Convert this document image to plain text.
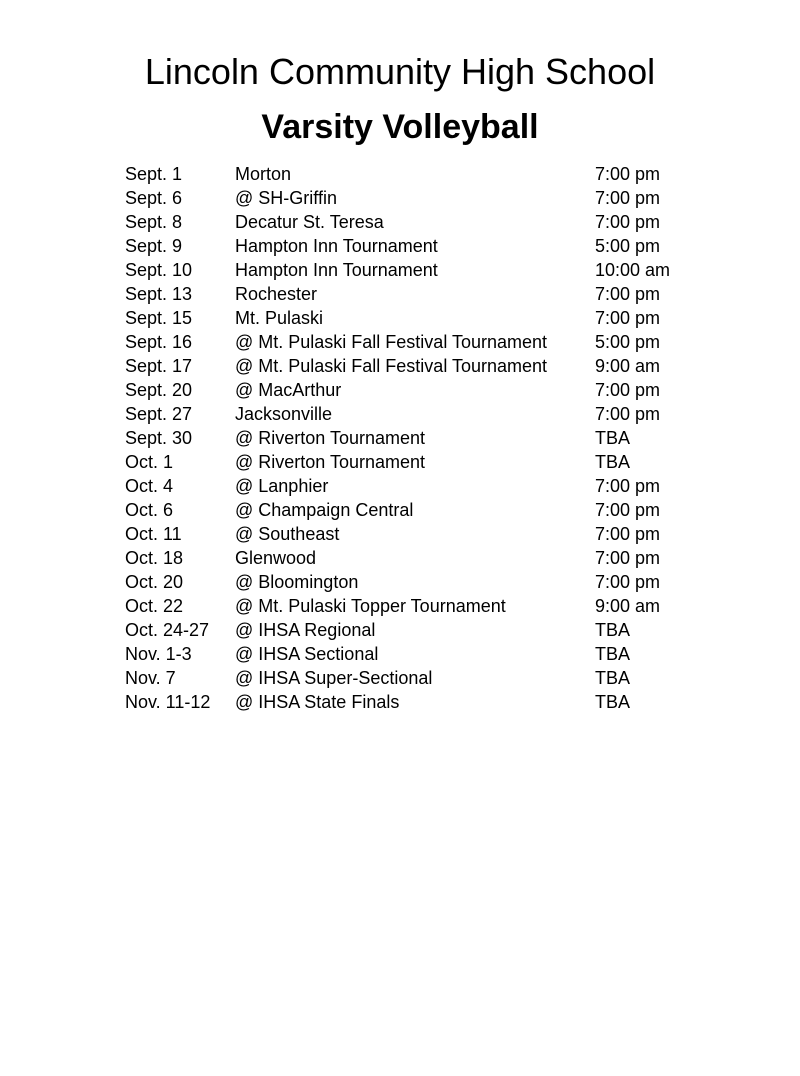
Lincoln Community High School
Varsity Volleyball
Sept. 1	Morton	7:00 pm
Sept. 6	@ SH-Griffin	7:00 pm
Sept. 8	Decatur St. Teresa	7:00 pm
Sept. 9	Hampton Inn Tournament	5:00 pm
Sept. 10	Hampton Inn Tournament	10:00 am
Sept. 13	Rochester	7:00 pm
Sept. 15	Mt. Pulaski	7:00 pm
Sept. 16	@ Mt. Pulaski Fall Festival Tournament	5:00 pm
Sept. 17	@ Mt. Pulaski Fall Festival Tournament	9:00 am
Sept. 20	@ MacArthur	7:00 pm
Sept. 27	Jacksonville	7:00 pm
Sept. 30	@ Riverton Tournament	TBA
Oct. 1	@ Riverton Tournament	TBA
Oct. 4	@ Lanphier	7:00 pm
Oct. 6	@ Champaign Central	7:00 pm
Oct. 11	@ Southeast	7:00 pm
Oct. 18	Glenwood	7:00 pm
Oct. 20	@ Bloomington	7:00 pm
Oct. 22	@ Mt. Pulaski Topper Tournament	9:00 am
Oct. 24-27	@ IHSA Regional	TBA
Nov. 1-3	@ IHSA Sectional	TBA
Nov. 7	@ IHSA Super-Sectional	TBA
Nov. 11-12	@ IHSA State Finals	TBA
